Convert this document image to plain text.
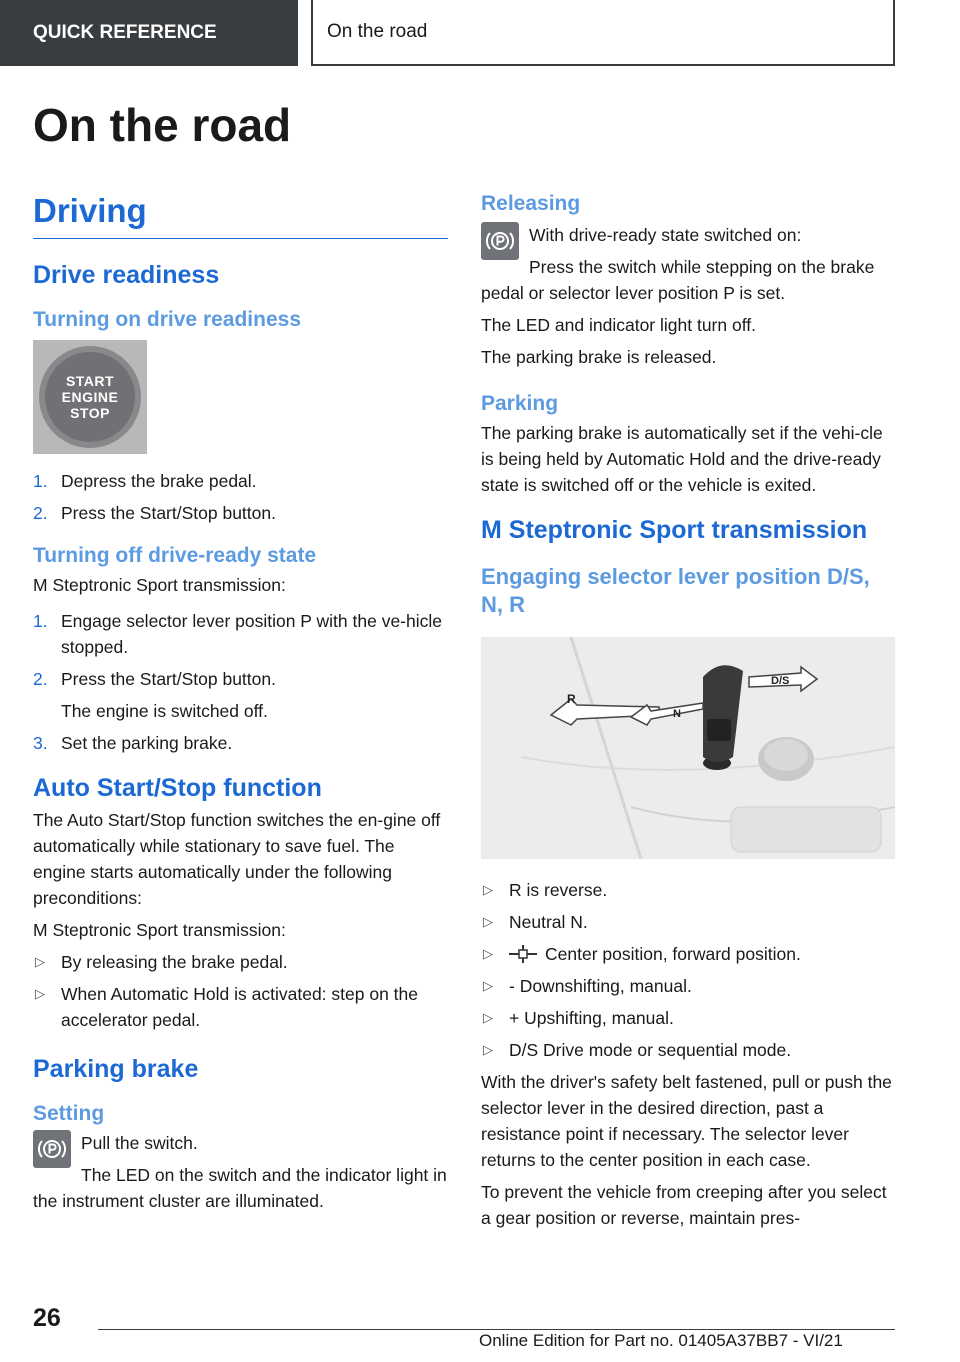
QUICK REFERENCE	On the road
On the road
Driving
Drive readiness
Turning on drive readiness
START
ENGINE
STOP
1. Depress the brake pedal.
2. Press the Start/Stop button.
Turning off drive-ready state

M Steptronic Sport transmission:

1. Engage selector lever position P with the ve‐hicle stopped.
2. Press the Start/Stop button.
The engine is switched off.
3. Set the parking brake.
Auto Start/Stop function

The Auto Start/Stop function switches the en‐gine off automatically while stationary to save fuel. The engine starts automatically under the following preconditions:

M Steptronic Sport transmission:

▷ By releasing the brake pedal.
▷ When Automatic Hold is activated: step on the accelerator pedal.
Parking brake
Setting

Pull the switch.

The LED on the switch and the indicator light in the instrument cluster are illuminated.

Releasing

With drive-ready state switched on:

Press the switch while stepping on the brake pedal or selector lever position P is set.

The LED and indicator light turn off.

The parking brake is released.

Parking

The parking brake is automatically set if the vehi‐cle is being held by Automatic Hold and the drive-ready state is switched off or the vehicle is exited.

M Steptronic Sport transmission
Engaging selector lever position D/S, N, R
R
N
D/S
▷ R is reverse.
▷ Neutral N.
▷	Center position, forward position.
▷ - Downshifting, manual.
▷ + Upshifting, manual.
▷ D/S Drive mode or sequential mode.

With the driver's safety belt fastened, pull or push the selector lever in the desired direction, past a resistance point if necessary. The selector lever returns to the center position in each case.

To prevent the vehicle from creeping after you select a gear position or reverse, maintain pres‐

26
Online Edition for Part no. 01405A37BB7 - VI/21
